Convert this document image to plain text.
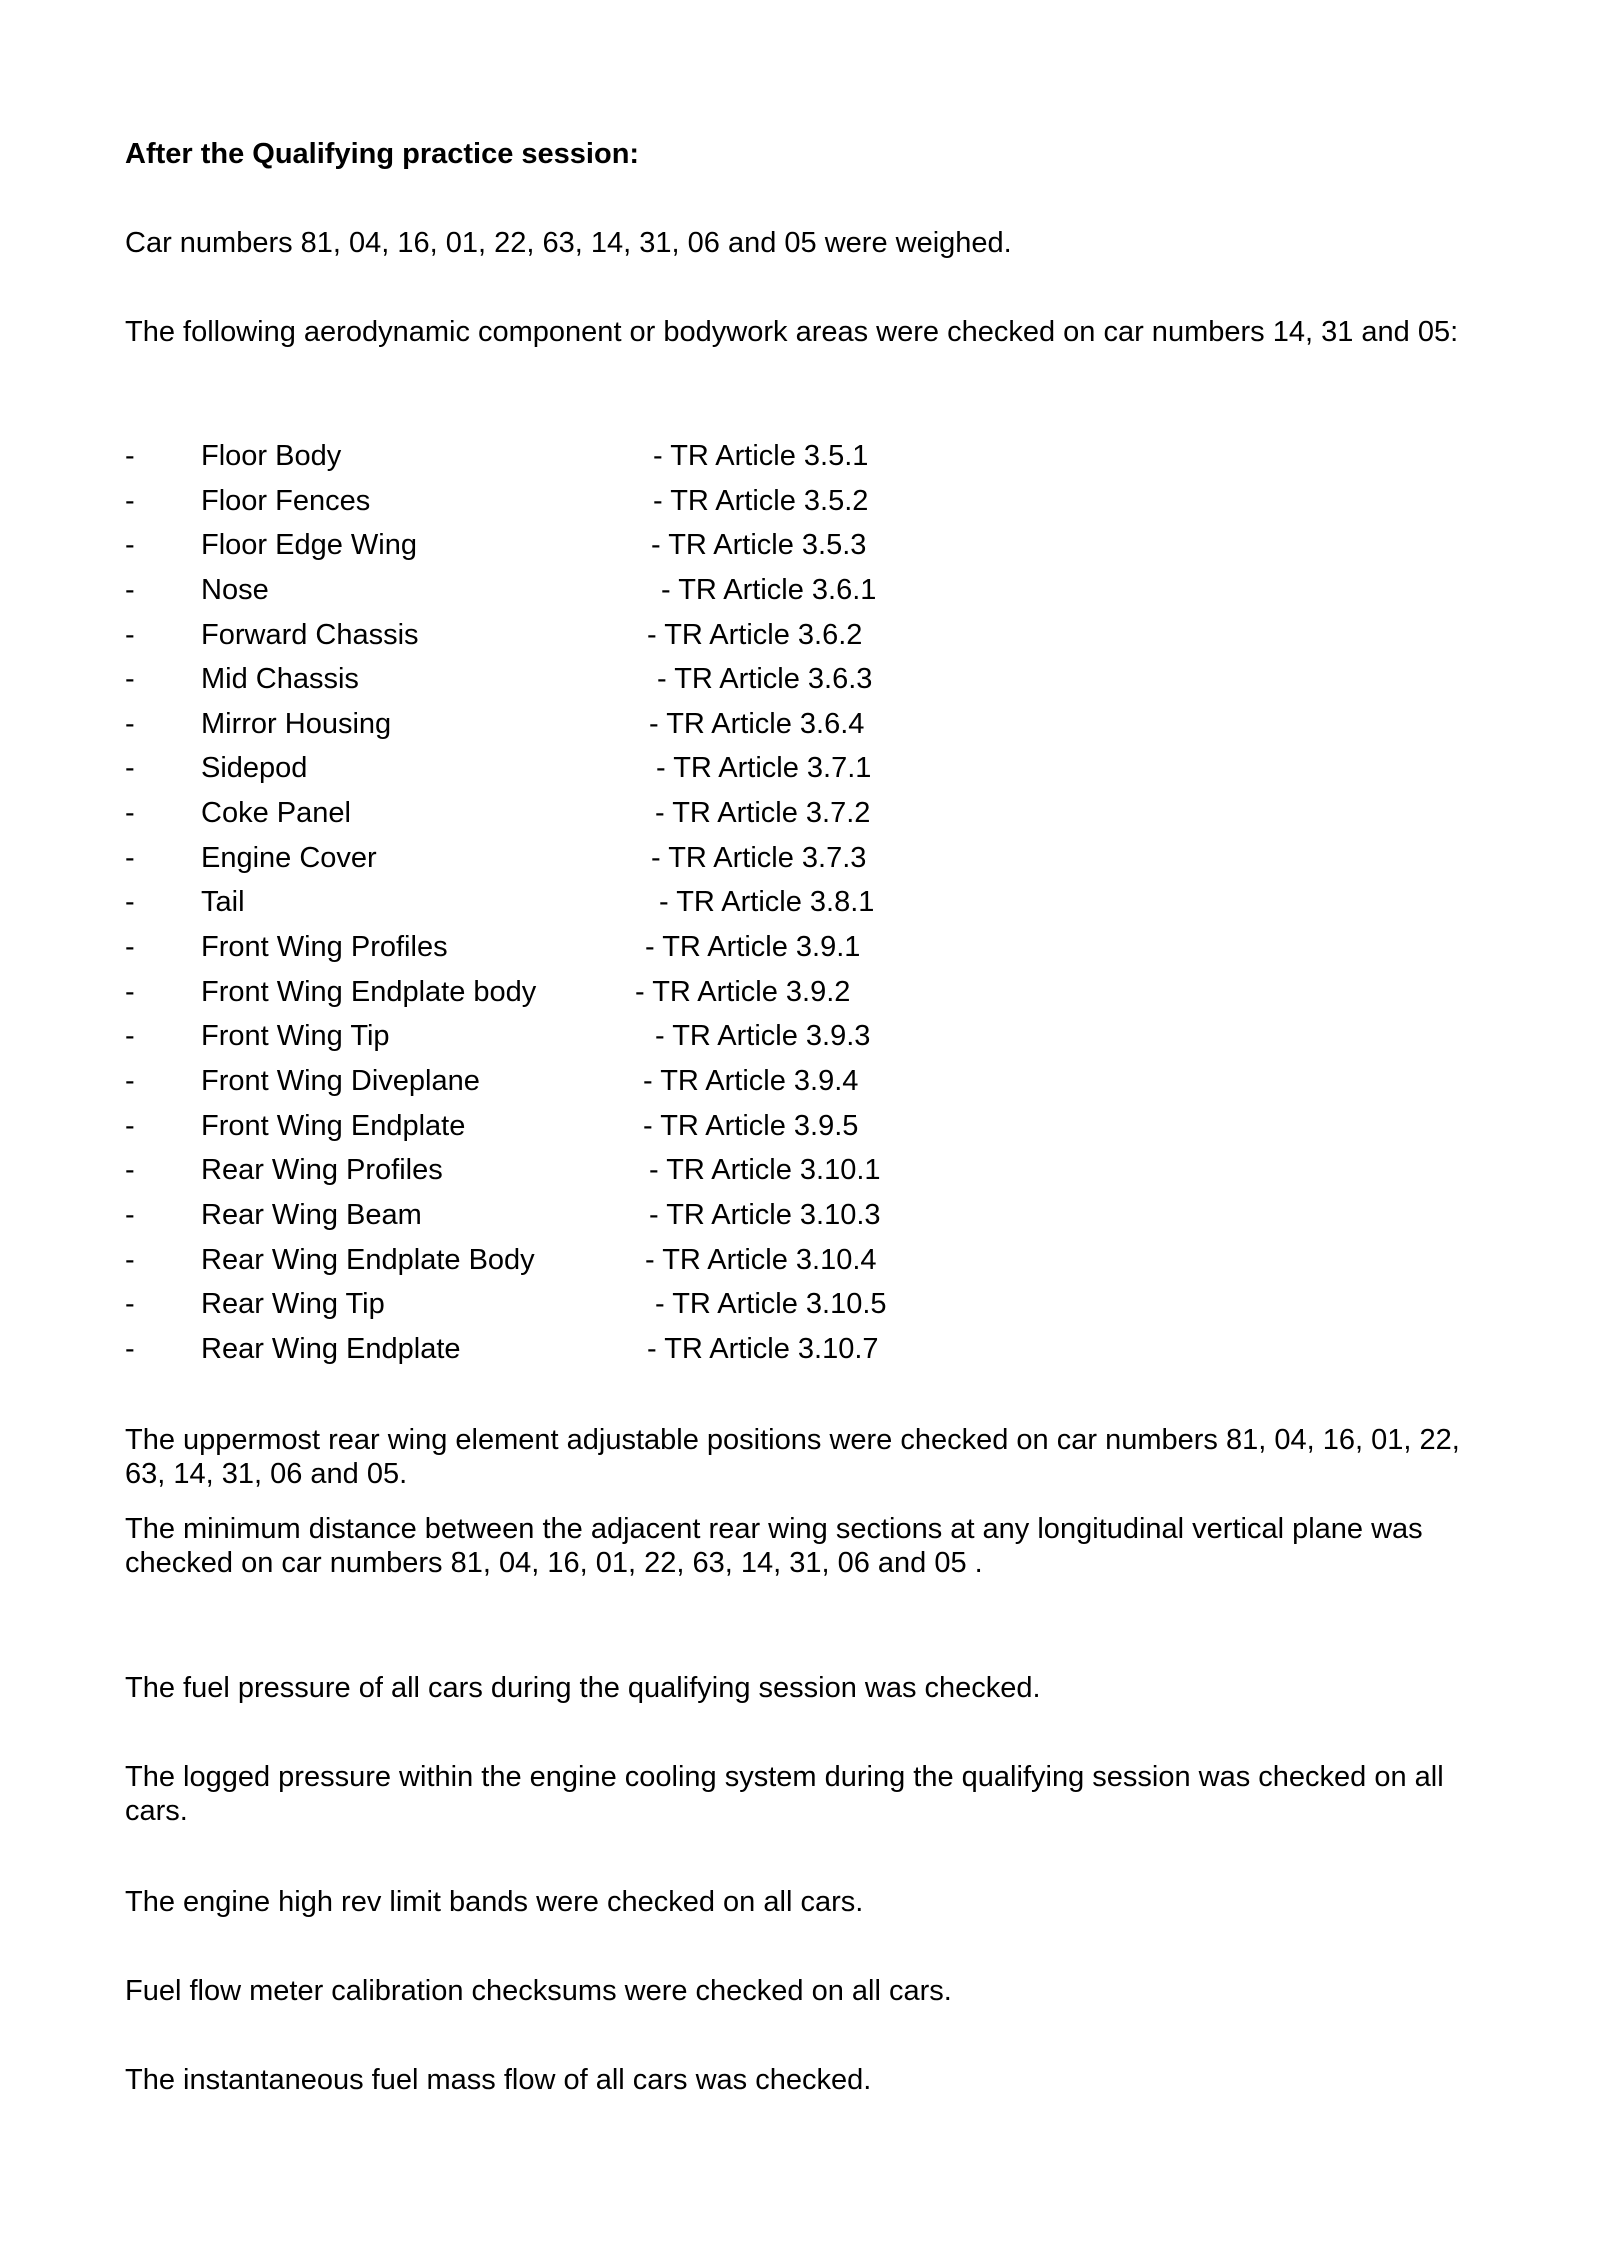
After the Qualifying practice session:

Car numbers 81, 04, 16, 01, 22, 63, 14, 31, 06 and 05 were weighed.

The following aerodynamic component or bodywork areas were checked on car numbers 14, 31 and 05:

- Floor Body	- TR Article 3.5.1
- Floor Fences	- TR Article 3.5.2
- Floor Edge Wing	- TR Article 3.5.3
- Nose	- TR Article 3.6.1
- Forward Chassis	- TR Article 3.6.2
- Mid Chassis	- TR Article 3.6.3
- Mirror Housing	- TR Article 3.6.4
- Sidepod	- TR Article 3.7.1
- Coke Panel	- TR Article 3.7.2
- Engine Cover	- TR Article 3.7.3
- Tail	- TR Article 3.8.1
- Front Wing Profiles	- TR Article 3.9.1
- Front Wing Endplate body	- TR Article 3.9.2
- Front Wing Tip	- TR Article 3.9.3
- Front Wing Diveplane	- TR Article 3.9.4
- Front Wing Endplate	- TR Article 3.9.5
- Rear Wing Profiles	- TR Article 3.10.1
- Rear Wing Beam	- TR Article 3.10.3
- Rear Wing Endplate Body	- TR Article 3.10.4
- Rear Wing Tip	- TR Article 3.10.5
- Rear Wing Endplate	- TR Article 3.10.7

The uppermost rear wing element adjustable positions were checked on car numbers 81, 04, 16, 01, 22, 63, 14, 31, 06 and 05.

The minimum distance between the adjacent rear wing sections at any longitudinal vertical plane was checked on car numbers 81, 04, 16, 01, 22, 63, 14, 31, 06 and 05 .

The fuel pressure of all cars during the qualifying session was checked.

The logged pressure within the engine cooling system during the qualifying session was checked on all cars.

The engine high rev limit bands were checked on all cars.

Fuel flow meter calibration checksums were checked on all cars.

The instantaneous fuel mass flow of all cars was checked.
